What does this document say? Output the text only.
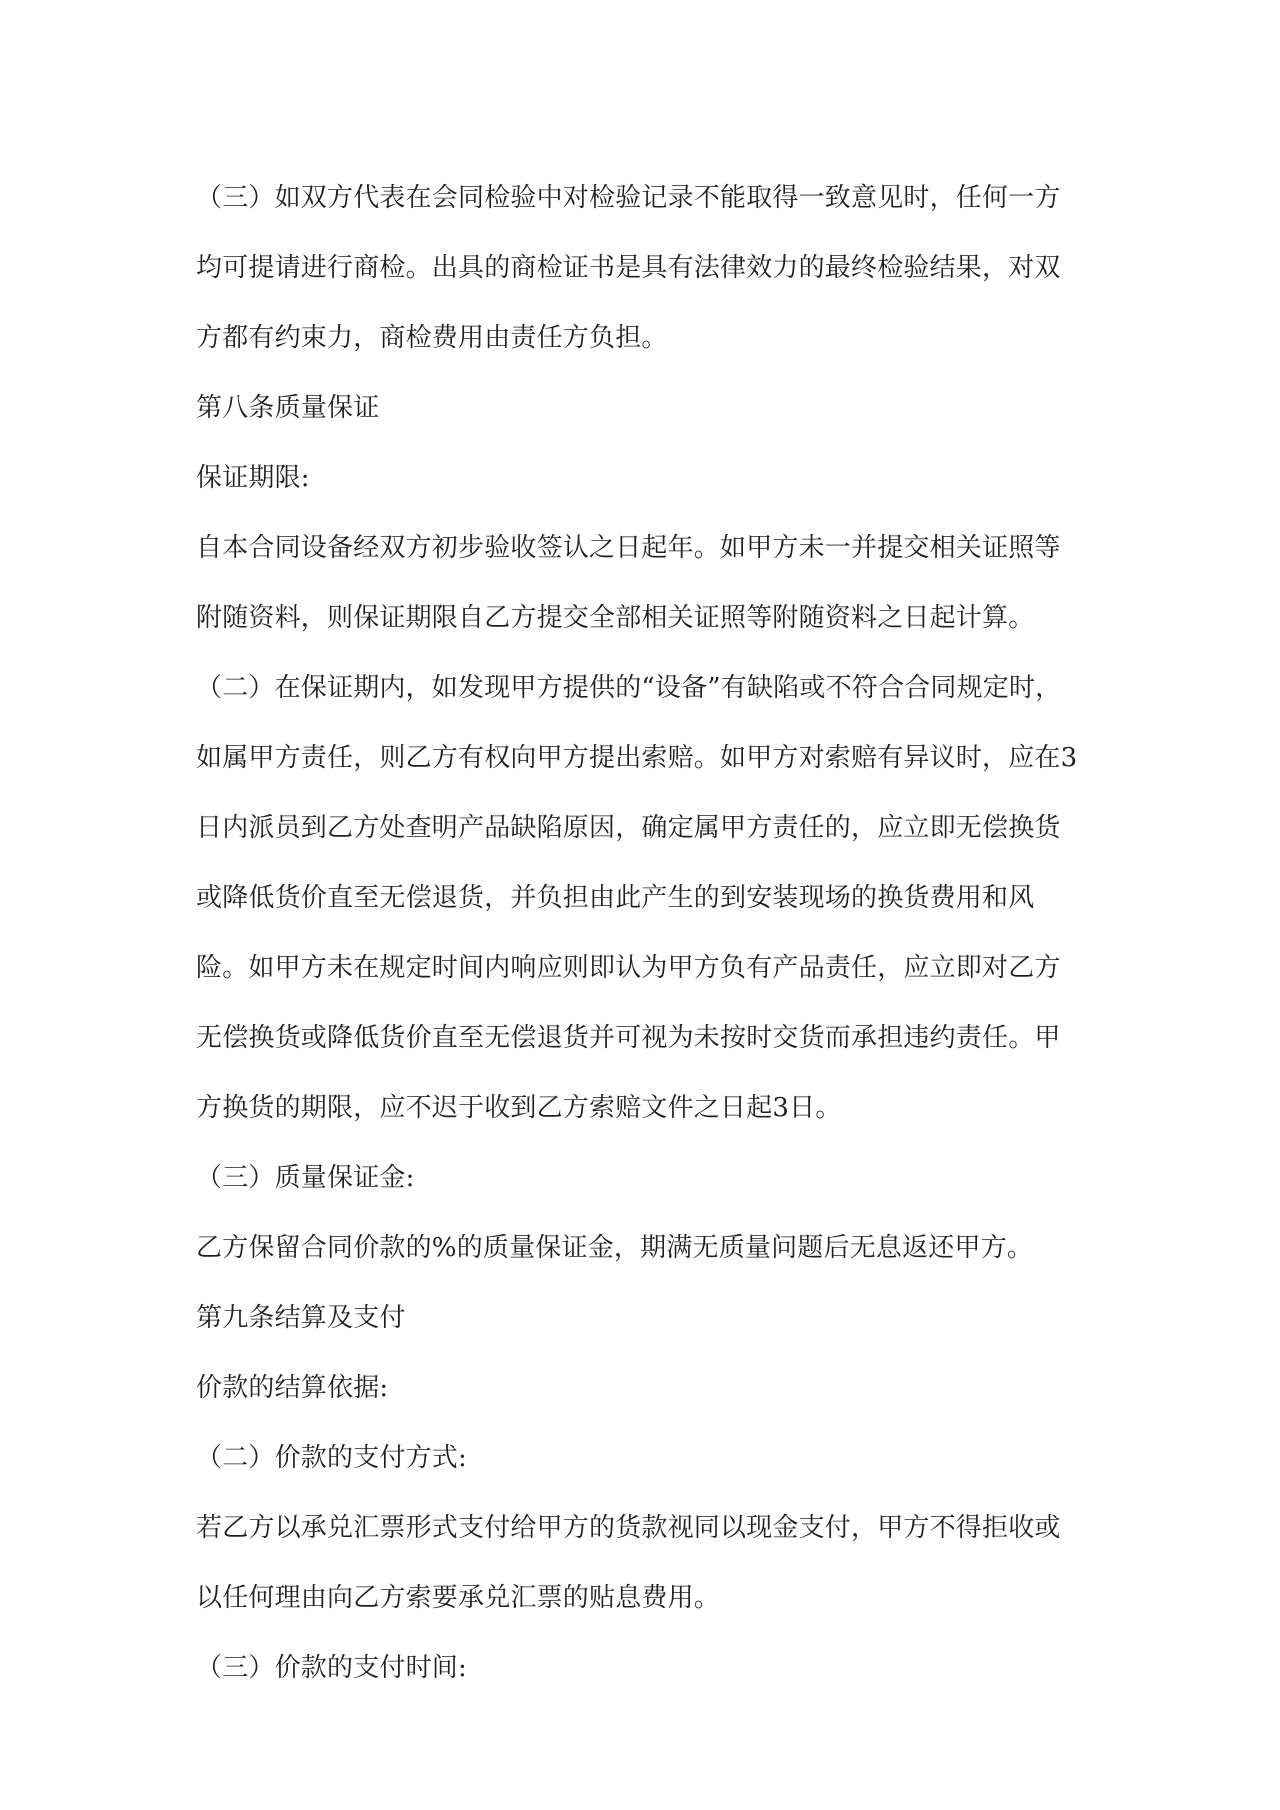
（三）如双方代表在会同检验中对检验记录不能取得一致意见时，任何一方均可提请进行商检。出具的商检证书是具有法律效力的最终检验结果，对双方都有约束力，商检费用由责任方负担。

第八条质量保证

保证期限:

自本合同设备经双方初步验收签认之日起年。如甲方未一并提交相关证照等附随资料，则保证期限自乙方提交全部相关证照等附随资料之日起计算。

（二）在保证期内，如发现甲方提供的“设备”有缺陷或不符合合同规定时，如属甲方责任，则乙方有权向甲方提出索赔。如甲方对索赔有异议时，应在3日内派员到乙方处查明产品缺陷原因，确定属甲方责任的，应立即无偿换货或降低货价直至无偿退货，并负担由此产生的到安装现场的换货费用和风险。如甲方未在规定时间内响应则即认为甲方负有产品责任，应立即对乙方无偿换货或降低货价直至无偿退货并可视为未按时交货而承担违约责任。甲方换货的期限，应不迟于收到乙方索赔文件之日起3日。

（三）质量保证金:

乙方保留合同价款的%的质量保证金，期满无质量问题后无息返还甲方。

第九条结算及支付

价款的结算依据:

（二）价款的支付方式:

若乙方以承兑汇票形式支付给甲方的货款视同以现金支付，甲方不得拒收或以任何理由向乙方索要承兑汇票的贴息费用。

（三）价款的支付时间:
